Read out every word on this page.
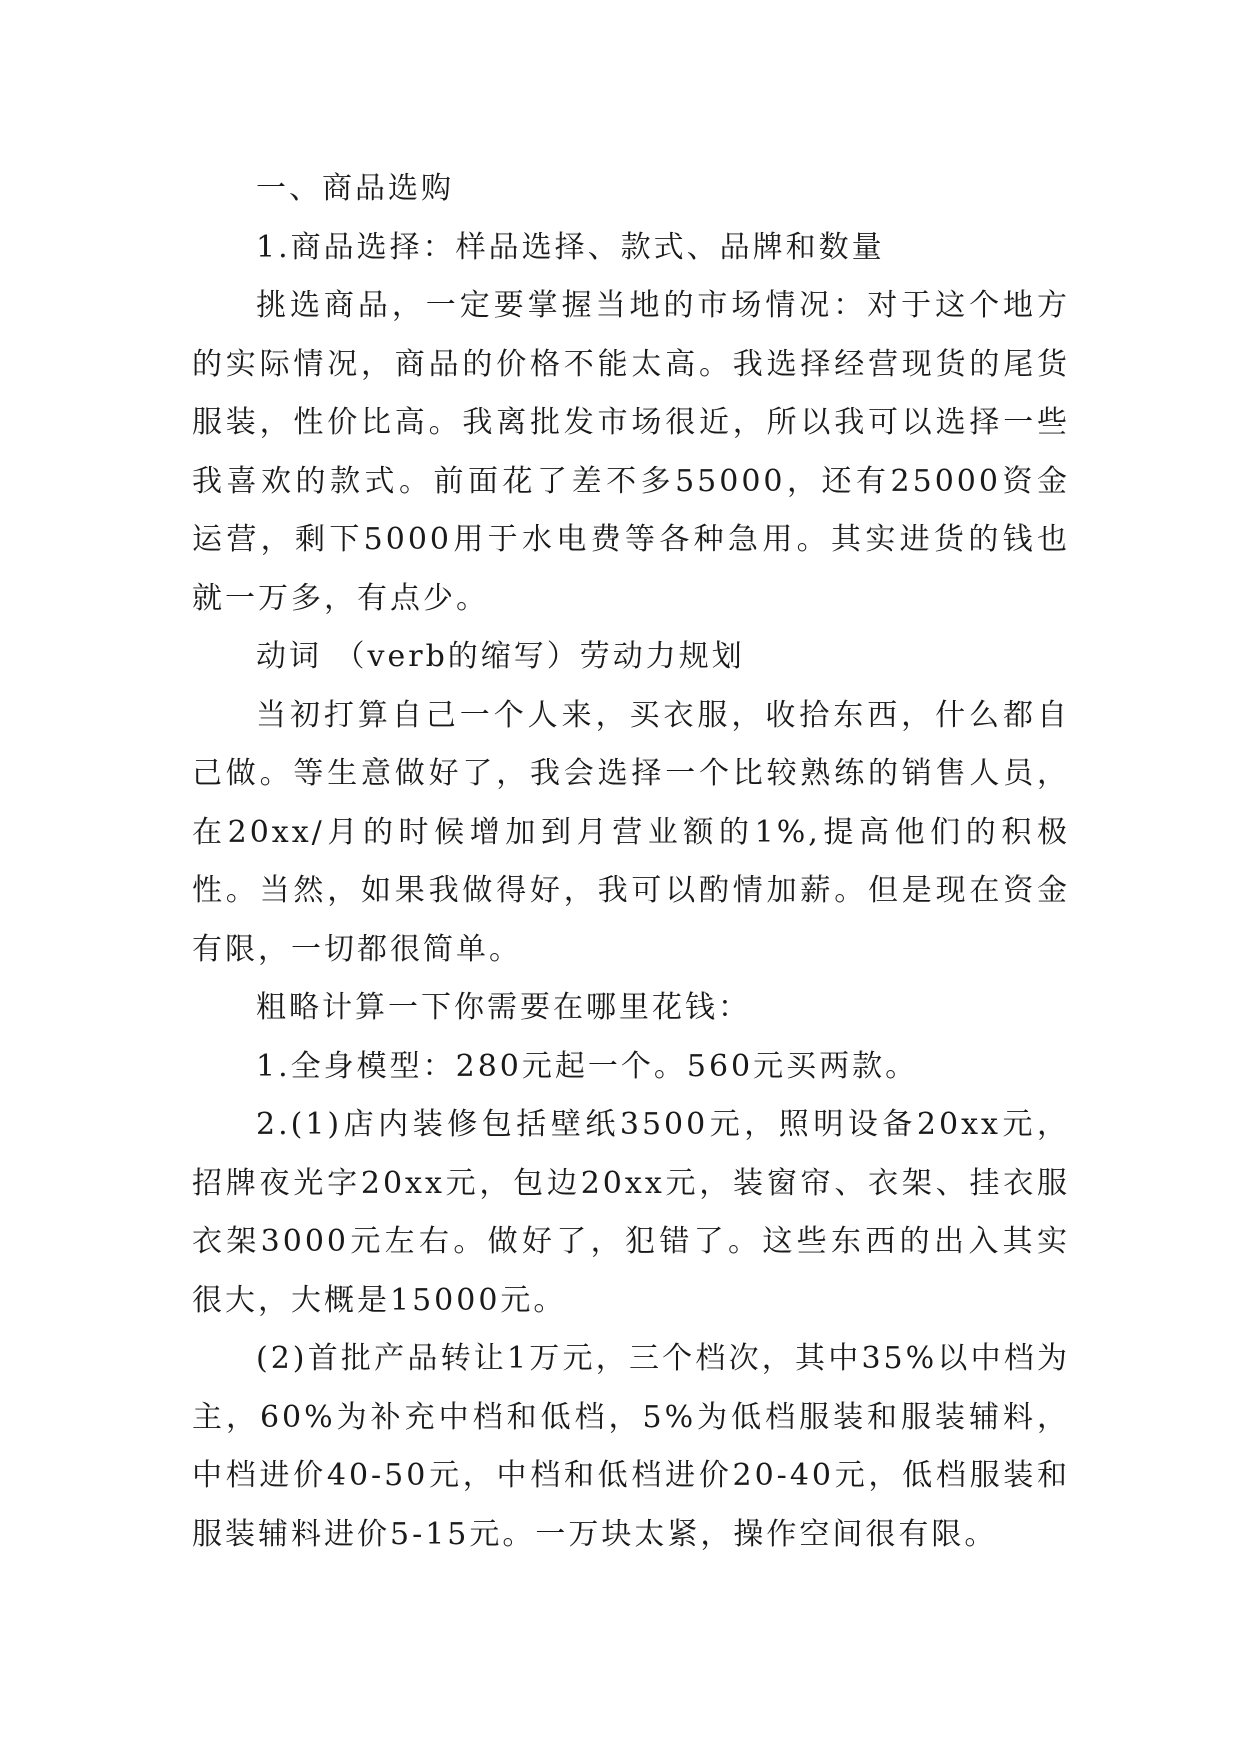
一、商品选购

1.商品选择：样品选择、款式、品牌和数量

挑选商品，一定要掌握当地的市场情况：对于这个地方的实际情况，商品的价格不能太高。我选择经营现货的尾货服装，性价比高。我离批发市场很近，所以我可以选择一些我喜欢的款式。前面花了差不多55000，还有25000资金运营，剩下5000用于水电费等各种急用。其实进货的钱也就一万多，有点少。

动词 （verb的缩写）劳动力规划

当初打算自己一个人来，买衣服，收拾东西，什么都自己做。等生意做好了，我会选择一个比较熟练的销售人员，在20xx/月的时候增加到月营业额的1%,提高他们的积极性。当然，如果我做得好，我可以酌情加薪。但是现在资金有限，一切都很简单。

粗略计算一下你需要在哪里花钱：

1.全身模型：280元起一个。560元买两款。

2.(1)店内装修包括壁纸3500元，照明设备20xx元，招牌夜光字20xx元，包边20xx元，装窗帘、衣架、挂衣服衣架3000元左右。做好了，犯错了。这些东西的出入其实很大，大概是15000元。

(2)首批产品转让1万元，三个档次，其中35%以中档为主，60%为补充中档和低档，5%为低档服装和服装辅料，中档进价40-50元，中档和低档进价20-40元，低档服装和服装辅料进价5-15元。一万块太紧，操作空间很有限。
